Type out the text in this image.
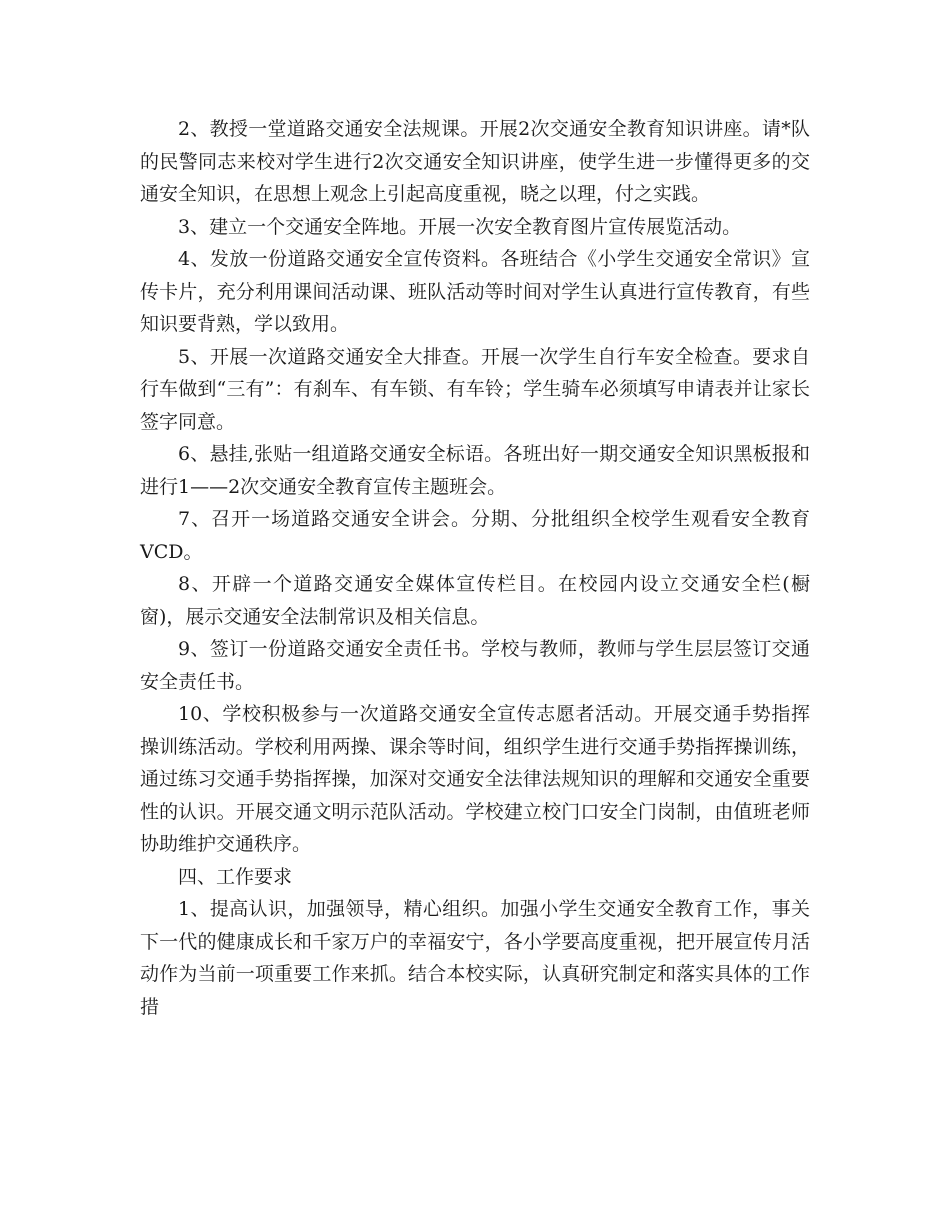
2、教授一堂道路交通安全法规课。开展2次交通安全教育知识讲座。请*队的民警同志来校对学生进行2次交通安全知识讲座，使学生进一步懂得更多的交通安全知识，在思想上观念上引起高度重视，晓之以理，付之实践。

3、建立一个交通安全阵地。开展一次安全教育图片宣传展览活动。

4、发放一份道路交通安全宣传资料。各班结合《小学生交通安全常识》宣传卡片，充分利用课间活动课、班队活动等时间对学生认真进行宣传教育，有些知识要背熟，学以致用。

5、开展一次道路交通安全大排查。开展一次学生自行车安全检查。要求自行车做到“三有”：有刹车、有车锁、有车铃；学生骑车必须填写申请表并让家长签字同意。

6、悬挂,张贴一组道路交通安全标语。各班出好一期交通安全知识黑板报和进行1——2次交通安全教育宣传主题班会。

7、召开一场道路交通安全讲会。分期、分批组织全校学生观看安全教育VCD。

8、开辟一个道路交通安全媒体宣传栏目。在校园内设立交通安全栏(橱窗)，展示交通安全法制常识及相关信息。

9、签订一份道路交通安全责任书。学校与教师，教师与学生层层签订交通安全责任书。

10、学校积极参与一次道路交通安全宣传志愿者活动。开展交通手势指挥操训练活动。学校利用两操、课余等时间，组织学生进行交通手势指挥操训练，通过练习交通手势指挥操，加深对交通安全法律法规知识的理解和交通安全重要性的认识。开展交通文明示范队活动。学校建立校门口安全门岗制，由值班老师协助维护交通秩序。

四、工作要求

1、提高认识，加强领导，精心组织。加强小学生交通安全教育工作，事关下一代的健康成长和千家万户的幸福安宁，各小学要高度重视，把开展宣传月活动作为当前一项重要工作来抓。结合本校实际，认真研究制定和落实具体的工作措
